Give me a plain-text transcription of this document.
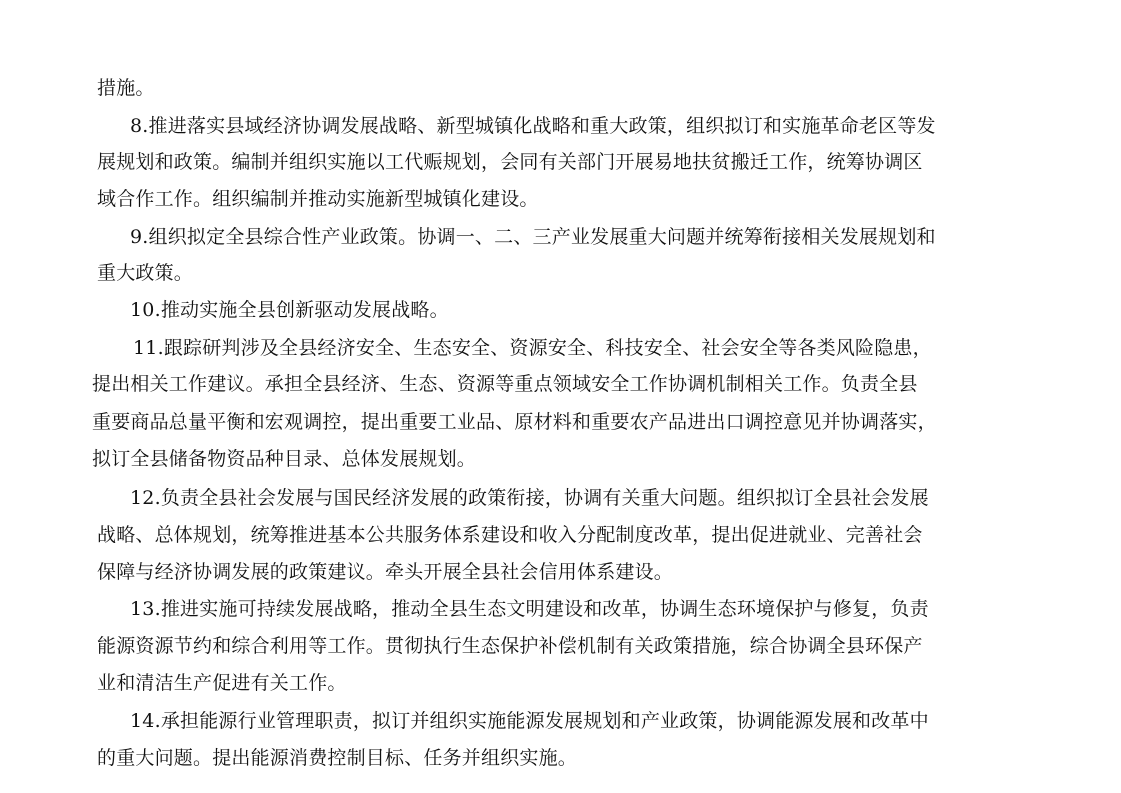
措施。
8.推进落实县域经济协调发展战略、新型城镇化战略和重大政策，组织拟订和实施革命老区等发
展规划和政策。编制并组织实施以工代赈规划，会同有关部门开展易地扶贫搬迁工作，统筹协调区
域合作工作。组织编制并推动实施新型城镇化建设。
9.组织拟定全县综合性产业政策。协调一、二、三产业发展重大问题并统筹衔接相关发展规划和
重大政策。
10.推动实施全县创新驱动发展战略。
11.跟踪研判涉及全县经济安全、生态安全、资源安全、科技安全、社会安全等各类风险隐患，
提出相关工作建议。承担全县经济、生态、资源等重点领域安全工作协调机制相关工作。负责全县
重要商品总量平衡和宏观调控，提出重要工业品、原材料和重要农产品进出口调控意见并协调落实，
拟订全县储备物资品种目录、总体发展规划。
12.负责全县社会发展与国民经济发展的政策衔接，协调有关重大问题。组织拟订全县社会发展
战略、总体规划，统筹推进基本公共服务体系建设和收入分配制度改革，提出促进就业、完善社会
保障与经济协调发展的政策建议。牵头开展全县社会信用体系建设。
13.推进实施可持续发展战略，推动全县生态文明建设和改革，协调生态环境保护与修复，负责
能源资源节约和综合利用等工作。贯彻执行生态保护补偿机制有关政策措施，综合协调全县环保产
业和清洁生产促进有关工作。
14.承担能源行业管理职责，拟订并组织实施能源发展规划和产业政策，协调能源发展和改革中
的重大问题。提出能源消费控制目标、任务并组织实施。
